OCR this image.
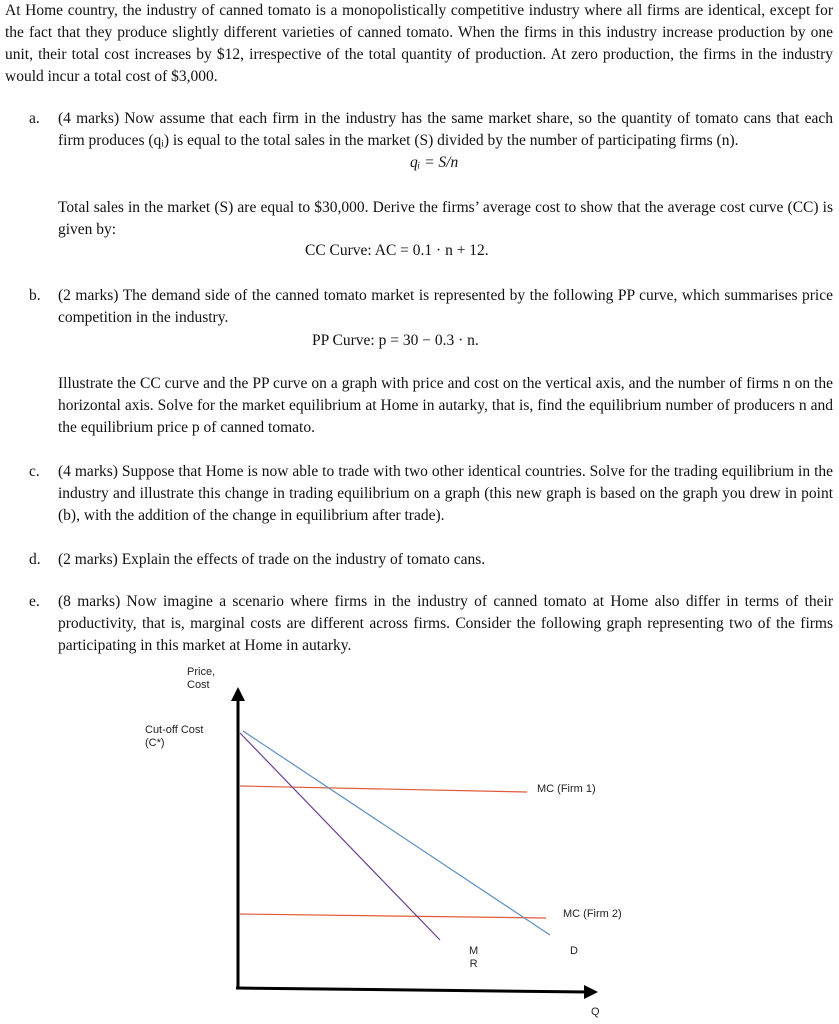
At Home country, the industry of canned tomato is a monopolistically competitive industry where all firms are identical, except for the fact that they produce slightly different varieties of canned tomato. When the firms in this industry increase production by one unit, their total cost increases by $12, irrespective of the total quantity of production. At zero production, the firms in the industry would incur a total cost of $3,000.
a.	(4 marks) Now assume that each firm in the industry has the same market share, so the quantity of tomato cans that each firm produces (qᵢ) is equal to the total sales in the market (S) divided by the number of participating firms (n).
qᵢ = S/n
Total sales in the market (S) are equal to $30,000. Derive the firms’ average cost to show that the average cost curve (CC) is given by:
CC Curve: AC = 0.1 · n + 12.
b.	(2 marks) The demand side of the canned tomato market is represented by the following PP curve, which summarises price competition in the industry.
PP Curve: p = 30 − 0.3 · n.
Illustrate the CC curve and the PP curve on a graph with price and cost on the vertical axis, and the number of firms n on the horizontal axis. Solve for the market equilibrium at Home in autarky, that is, find the equilibrium number of producers n and the equilibrium price p of canned tomato.
c.	(4 marks) Suppose that Home is now able to trade with two other identical countries. Solve for the trading equilibrium in the industry and illustrate this change in trading equilibrium on a graph (this new graph is based on the graph you drew in point (b), with the addition of the change in equilibrium after trade).
d.	(2 marks) Explain the effects of trade on the industry of tomato cans.
e.	(8 marks) Now imagine a scenario where firms in the industry of canned tomato at Home also differ in terms of their productivity, that is, marginal costs are different across firms. Consider the following graph representing two of the firms participating in this market at Home in autarky.
Price,
Cost
Cut-off Cost
(C*)
MC (Firm 1)
MC (Firm 2)
D
M
R
Q
